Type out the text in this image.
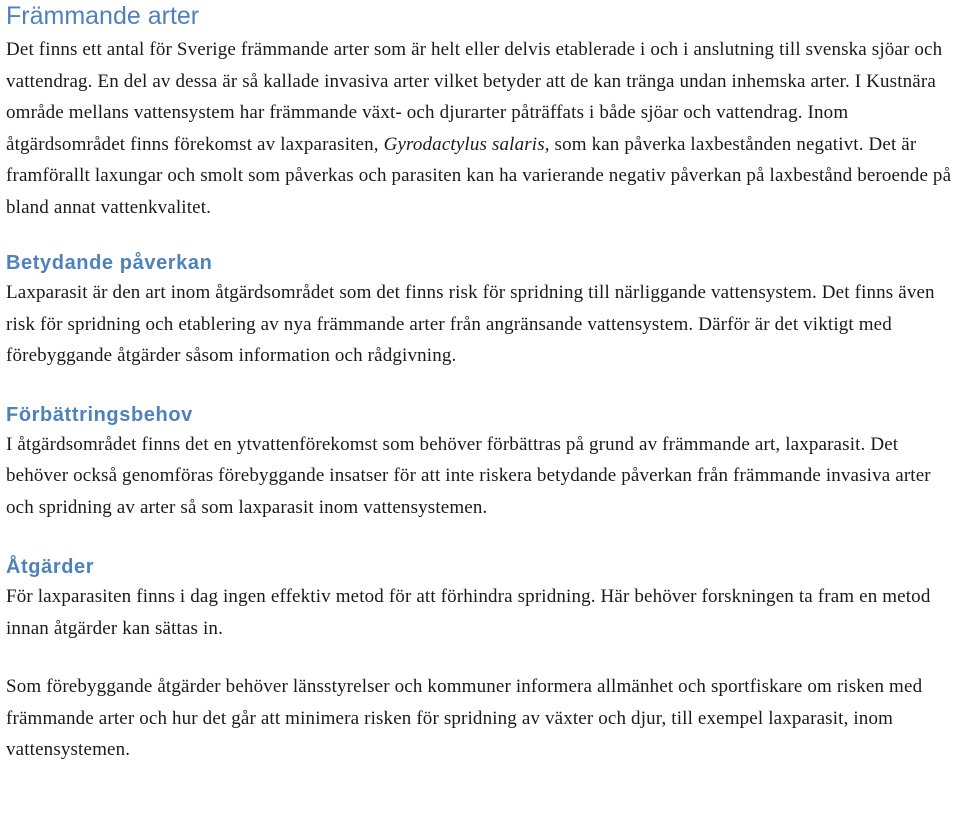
Främmande arter

Det finns ett antal för Sverige främmande arter som är helt eller delvis etablerade i och i anslutning till svenska sjöar och vattendrag. En del av dessa är så kallade invasiva arter vilket betyder att de kan tränga undan inhemska arter. I Kustnära område mellans vattensystem har främmande växt- och djurarter påträffats i både sjöar och vattendrag. Inom åtgärdsområdet finns förekomst av laxparasiten, Gyrodactylus salaris, som kan påverka laxbestånden negativt. Det är framförallt laxungar och smolt som påverkas och parasiten kan ha varierande negativ påverkan på laxbestånd beroende på bland annat vattenkvalitet.

Betydande påverkan

Laxparasit är den art inom åtgärdsområdet som det finns risk för spridning till närliggande vattensystem. Det finns även risk för spridning och etablering av nya främmande arter från angränsande vattensystem. Därför är det viktigt med förebyggande åtgärder såsom information och rådgivning.

Förbättringsbehov

I åtgärdsområdet finns det en ytvattenförekomst som behöver förbättras på grund av främmande art, laxparasit. Det behöver också genomföras förebyggande insatser för att inte riskera betydande påverkan från främmande invasiva arter och spridning av arter så som laxparasit inom vattensystemen.

Åtgärder

För laxparasiten finns i dag ingen effektiv metod för att förhindra spridning. Här behöver forskningen ta fram en metod innan åtgärder kan sättas in.

Som förebyggande åtgärder behöver länsstyrelser och kommuner informera allmänhet och sportfiskare om risken med främmande arter och hur det går att minimera risken för spridning av växter och djur, till exempel laxparasit, inom vattensystemen.
